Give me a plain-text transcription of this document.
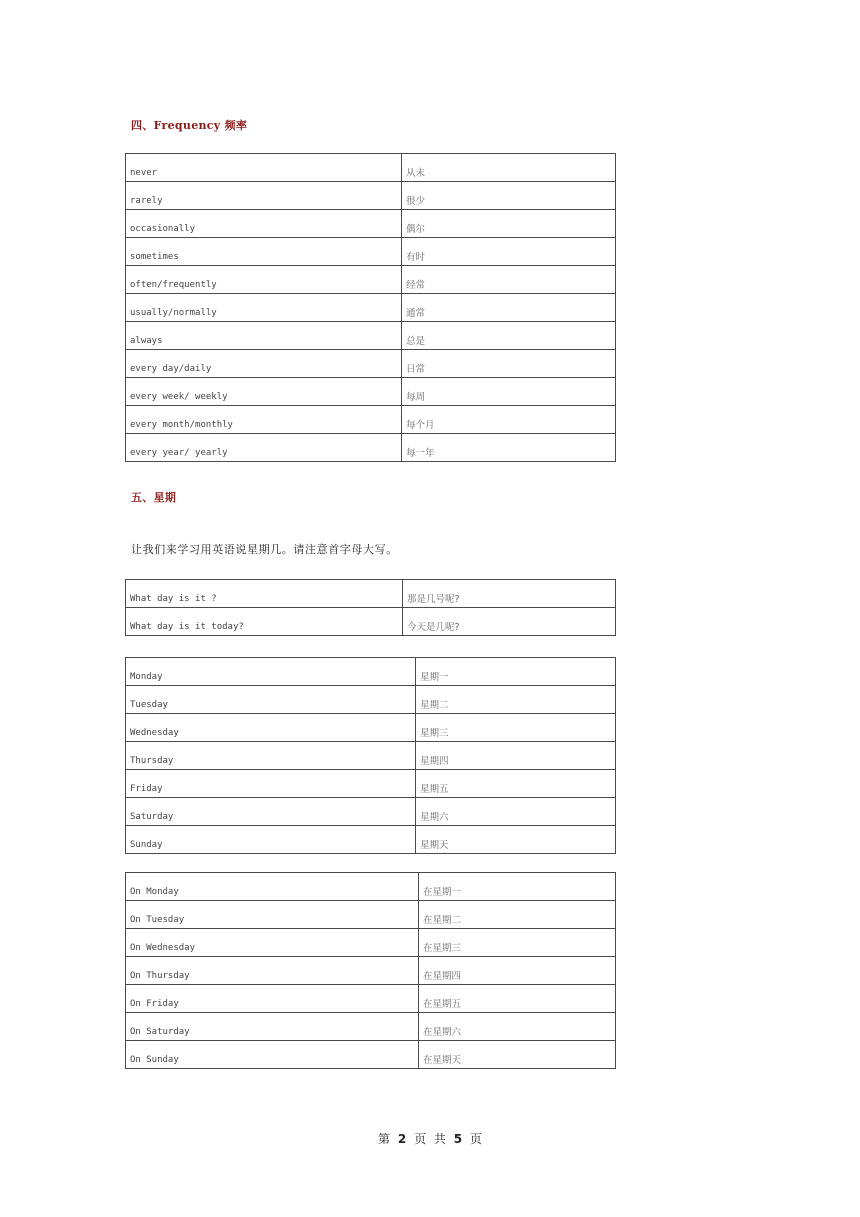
四、Frequency 频率
never	从未
rarely	很少
occasionally	偶尔
sometimes	有时
often/frequently	经常
usually/normally	通常
always	总是
every day/daily	日常
every week/ weekly	每周
every month/monthly	每个月
every year/ yearly	每一年
五、星期
让我们来学习用英语说星期几。请注意首字母大写。
What day is it ?	那是几号呢?
What day is it today?	今天是几呢?
Monday	星期一
Tuesday	星期二
Wednesday	星期三
Thursday	星期四
Friday	星期五
Saturday	星期六
Sunday	星期天
On Monday	在星期一
On Tuesday	在星期二
On Wednesday	在星期三
On Thursday	在星期四
On Friday	在星期五
On Saturday	在星期六
On Sunday	在星期天
第 2 页 共 5 页
